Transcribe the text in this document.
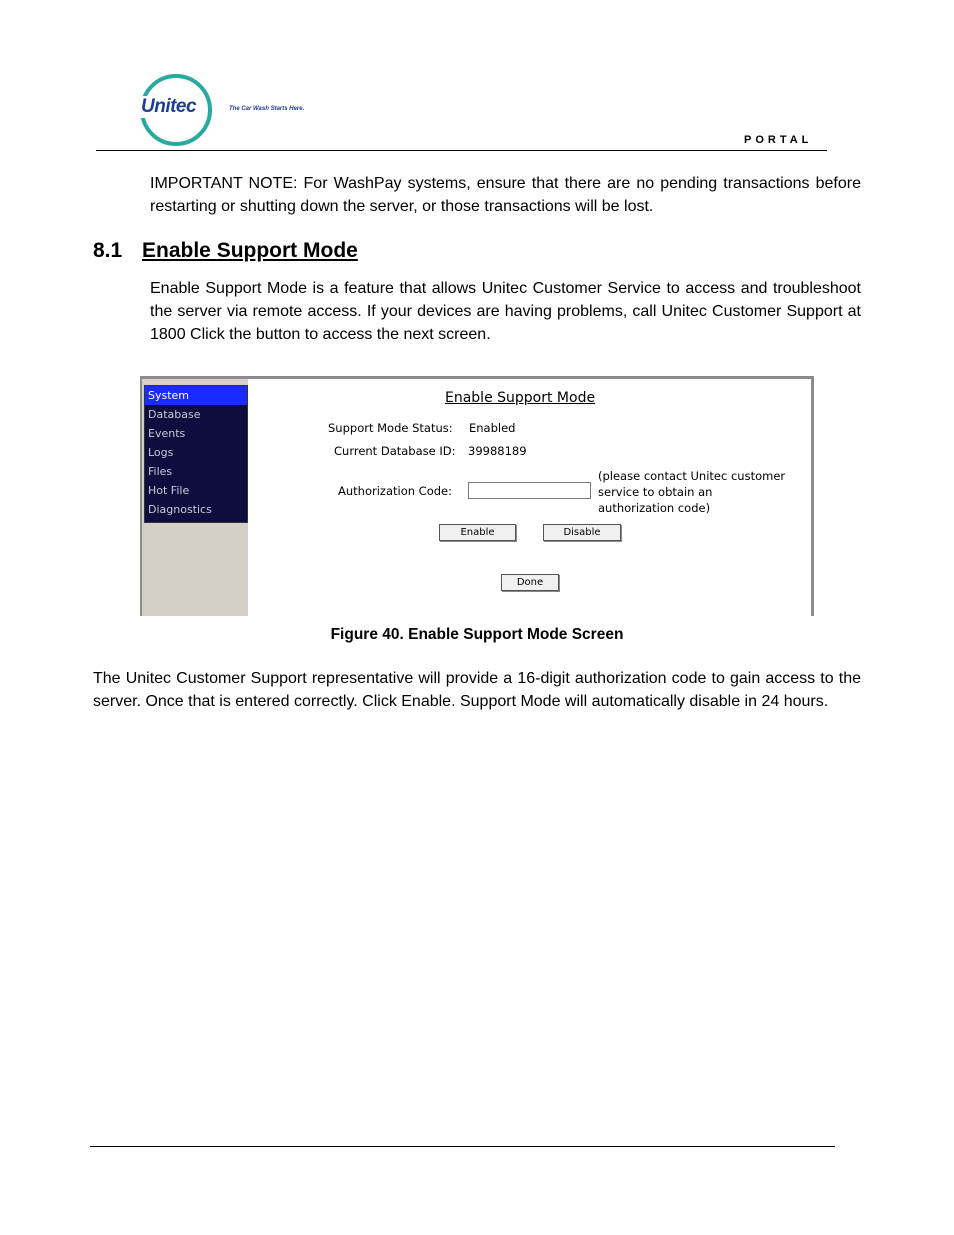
Unitec	The Car Wash Starts Here.
PORTAL
IMPORTANT NOTE: For WashPay systems, ensure that there are no pending transactions before restarting or shutting down the server, or those transactions will be lost.
8.1 Enable Support Mode
Enable Support Mode is a feature that allows Unitec Customer Service to access and troubleshoot the server via remote access. If your devices are having problems, call Unitec Customer Support at 1800 Click the button to access the next screen.
System
Database
Events
Logs
Files
Hot File
Diagnostics
Enable Support Mode
Support Mode Status: Enabled
Current Database ID: 39988189
Authorization Code:
(please contact Unitec customer
service to obtain an
authorization code)
Enable	Disable
Done
Figure 40. Enable Support Mode Screen
The Unitec Customer Support representative will provide a 16-digit authorization code to gain access to the server. Once that is entered correctly. Click Enable. Support Mode will automatically disable in 24 hours.
